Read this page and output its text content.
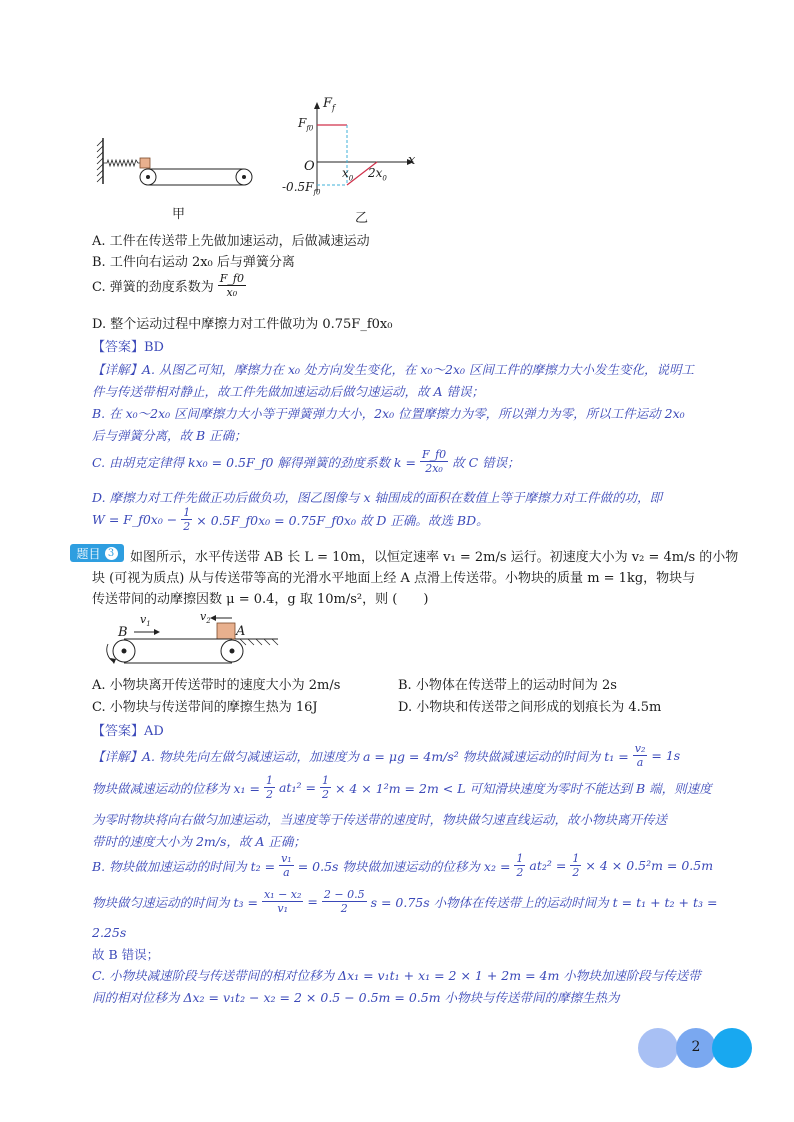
甲
$F_f$
$F_{f0}$
O	x
$x_0$ $2x_0$
$-0.5F_{f0}$
乙
A. 工件在传送带上先做加速运动，后做减速运动
B. 工件向右运动 2x₀ 后与弹簧分离
C. 弹簧的劲度系数为
F_f0
x₀
D. 整个运动过程中摩擦力对工件做功为 0.75F_f0x₀
【答案】BD
【详解】A. 从图乙可知，摩擦力在 x₀ 处方向发生变化，在 x₀～2x₀ 区间工件的摩擦力大小发生变化，说明工
件与传送带相对静止，故工件先做加速运动后做匀速运动，故 A 错误；
B. 在 x₀～2x₀ 区间摩擦力大小等于弹簧弹力大小，2x₀ 位置摩擦力为零，所以弹力为零，所以工件运动 2x₀
后与弹簧分离，故 B 正确；
C. 由胡克定律得 kx₀ = 0.5F_f0 解得弹簧的劲度系数 $k = \frac{F\_f0}{\text{2x₀}}$ 故 C 错误；
D. 摩擦力对工件先做正功后做负功，图乙图像与 x 轴围成的面积在数值上等于摩擦力对工件做的功，即
W = F_f0x₀ − $\frac{1}{2}$ × 0.5F_f0x₀ = 0.75F_f0x₀ 故 D 正确。故选 BD。
题目 3 如图所示，水平传送带 AB 长 L = 10m，以恒定速率 v₁ = 2m/s 运行。初速度大小为 v₂ = 4m/s 的小物
块 (可视为质点) 从与传送带等高的光滑水平地面上经 A 点滑上传送带。小物块的质量 m = 1kg，物块与
传送带间的动摩擦因数 μ = 0.4，g 取 10m/s²，则 (　　)
B	A
$v_1$
$v_2$
A. 小物块离开传送带时的速度大小为 2m/s	B. 小物体在传送带上的运动时间为 2s
C. 小物块与传送带间的摩擦生热为 16J	D. 小物块和传送带之间形成的划痕长为 4.5m
【答案】AD
【详解】A. 物块先向左做匀减速运动，加速度为 a = μg = 4m/s² 物块做减速运动的时间为 $t_1 = \frac{\text{v₂}}{a} = 1s$
物块做减速运动的位移为 $x_1 = \frac{1}{2} at_1^2 = \frac{1}{2} \times 4 \times 1^2m = 2m < L$ 可知滑块速度为零时不能达到 B 端，则速度
为零时物块将向右做匀加速运动，当速度等于传送带的速度时，物块做匀速直线运动，故小物块离开传送
带时的速度大小为 2m/s，故 A 正确；
B. 物块做加速运动的时间为 $t_2 = \frac{\text{v₁}}{a} = 0.5s$ 物块做加速运动的位移为 $x_2 = \frac{1}{2} at_2^2 = \frac{1}{2} \times 4 \times 0.5^2m = 0.5m$
物块做匀速运动的时间为 $t_3 = \frac{\text{x₁ − x₂}}{\text{v₁}} = \frac{2 - 0.5}{2}$ s = 0.75s 小物体在传送带上的运动时间为 t = t₁ + t₂ + t₃ =
2.25s
故 B 错误；
C. 小物块减速阶段与传送带间的相对位移为 Δx₁ = v₁t₁ + x₁ = 2 × 1 + 2m = 4m 小物块加速阶段与传送带
间的相对位移为 Δx₂ = v₁t₂ − x₂ = 2 × 0.5 − 0.5m = 0.5m 小物块与传送带间的摩擦生热为
2
